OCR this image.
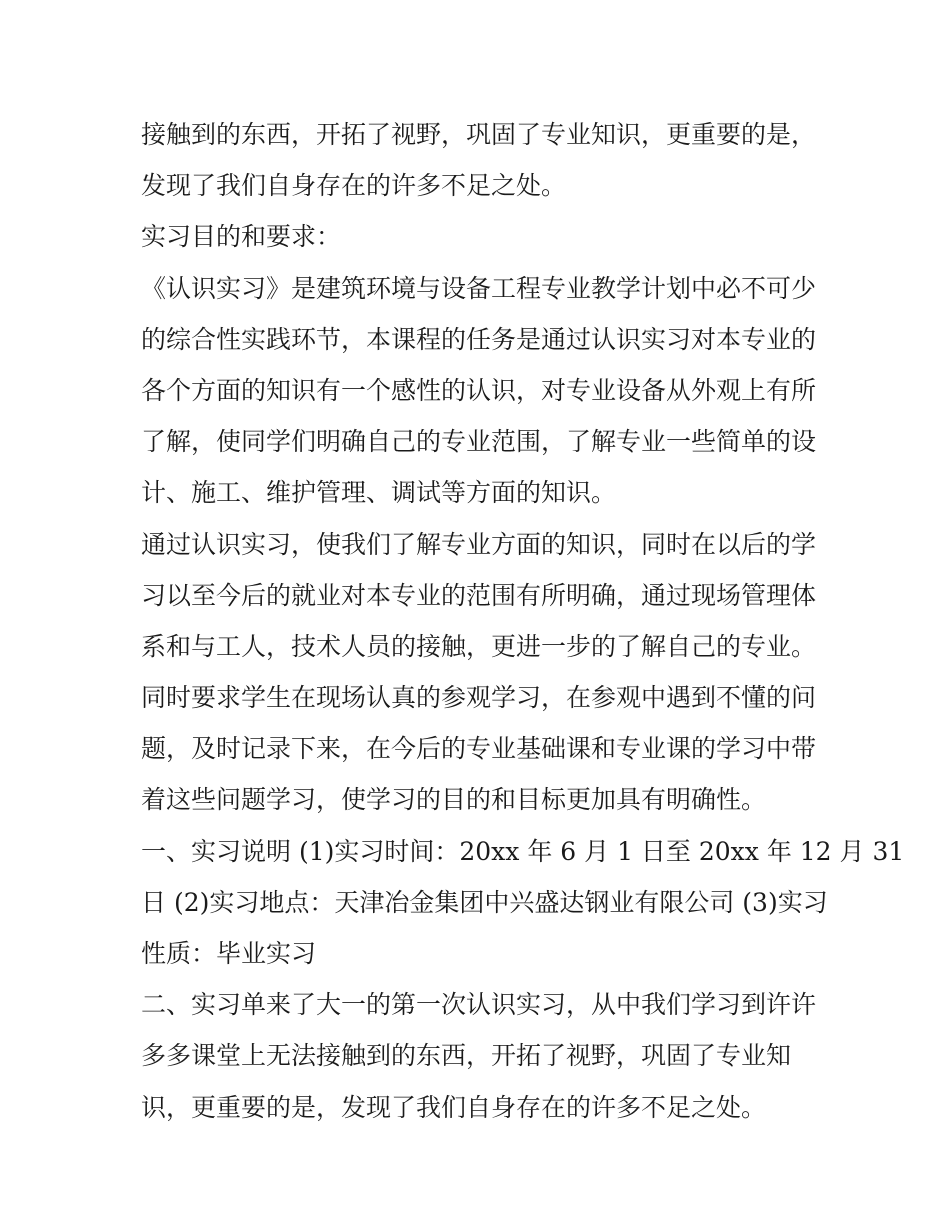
接触到的东西，开拓了视野，巩固了专业知识，更重要的是，
发现了我们自身存在的许多不足之处。
实习目的和要求：
《认识实习》是建筑环境与设备工程专业教学计划中必不可少
的综合性实践环节，本课程的任务是通过认识实习对本专业的
各个方面的知识有一个感性的认识，对专业设备从外观上有所
了解，使同学们明确自己的专业范围，了解专业一些简单的设
计、施工、维护管理、调试等方面的知识。
通过认识实习，使我们了解专业方面的知识，同时在以后的学
习以至今后的就业对本专业的范围有所明确，通过现场管理体
系和与工人，技术人员的接触，更进一步的了解自己的专业。
同时要求学生在现场认真的参观学习，在参观中遇到不懂的问
题，及时记录下来，在今后的专业基础课和专业课的学习中带
着这些问题学习，使学习的目的和目标更加具有明确性。
一、实习说明 (1)实习时间：20xx 年 6 月 1 日至 20xx 年 12 月 31
日 (2)实习地点：天津冶金集团中兴盛达钢业有限公司 (3)实习
性质：毕业实习
二、实习单来了大一的第一次认识实习，从中我们学习到许许
多多课堂上无法接触到的东西，开拓了视野，巩固了专业知
识，更重要的是，发现了我们自身存在的许多不足之处。
